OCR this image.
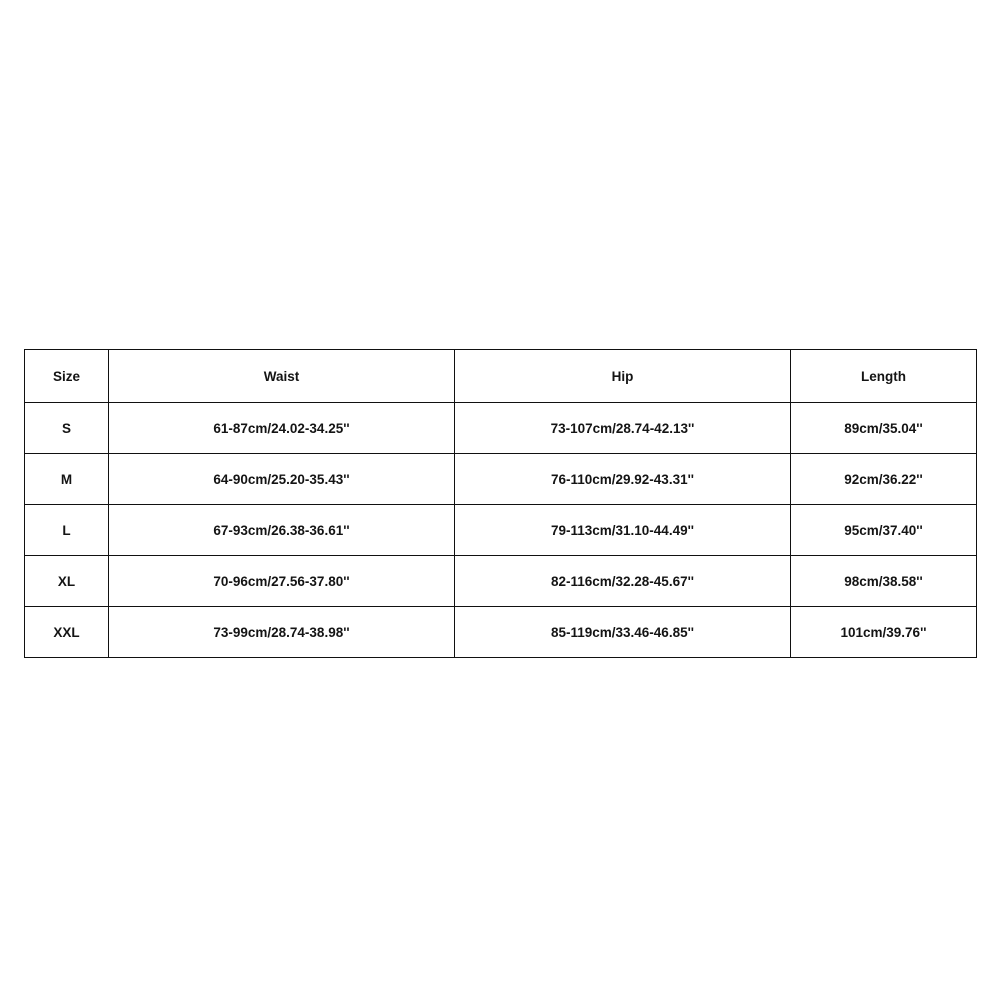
Size	Waist	Hip	Length
S	61-87cm/24.02-34.25''	73-107cm/28.74-42.13''	89cm/35.04''
M	64-90cm/25.20-35.43''	76-110cm/29.92-43.31''	92cm/36.22''
L	67-93cm/26.38-36.61''	79-113cm/31.10-44.49''	95cm/37.40''
XL	70-96cm/27.56-37.80''	82-116cm/32.28-45.67''	98cm/38.58''
XXL	73-99cm/28.74-38.98''	85-119cm/33.46-46.85''	101cm/39.76''
